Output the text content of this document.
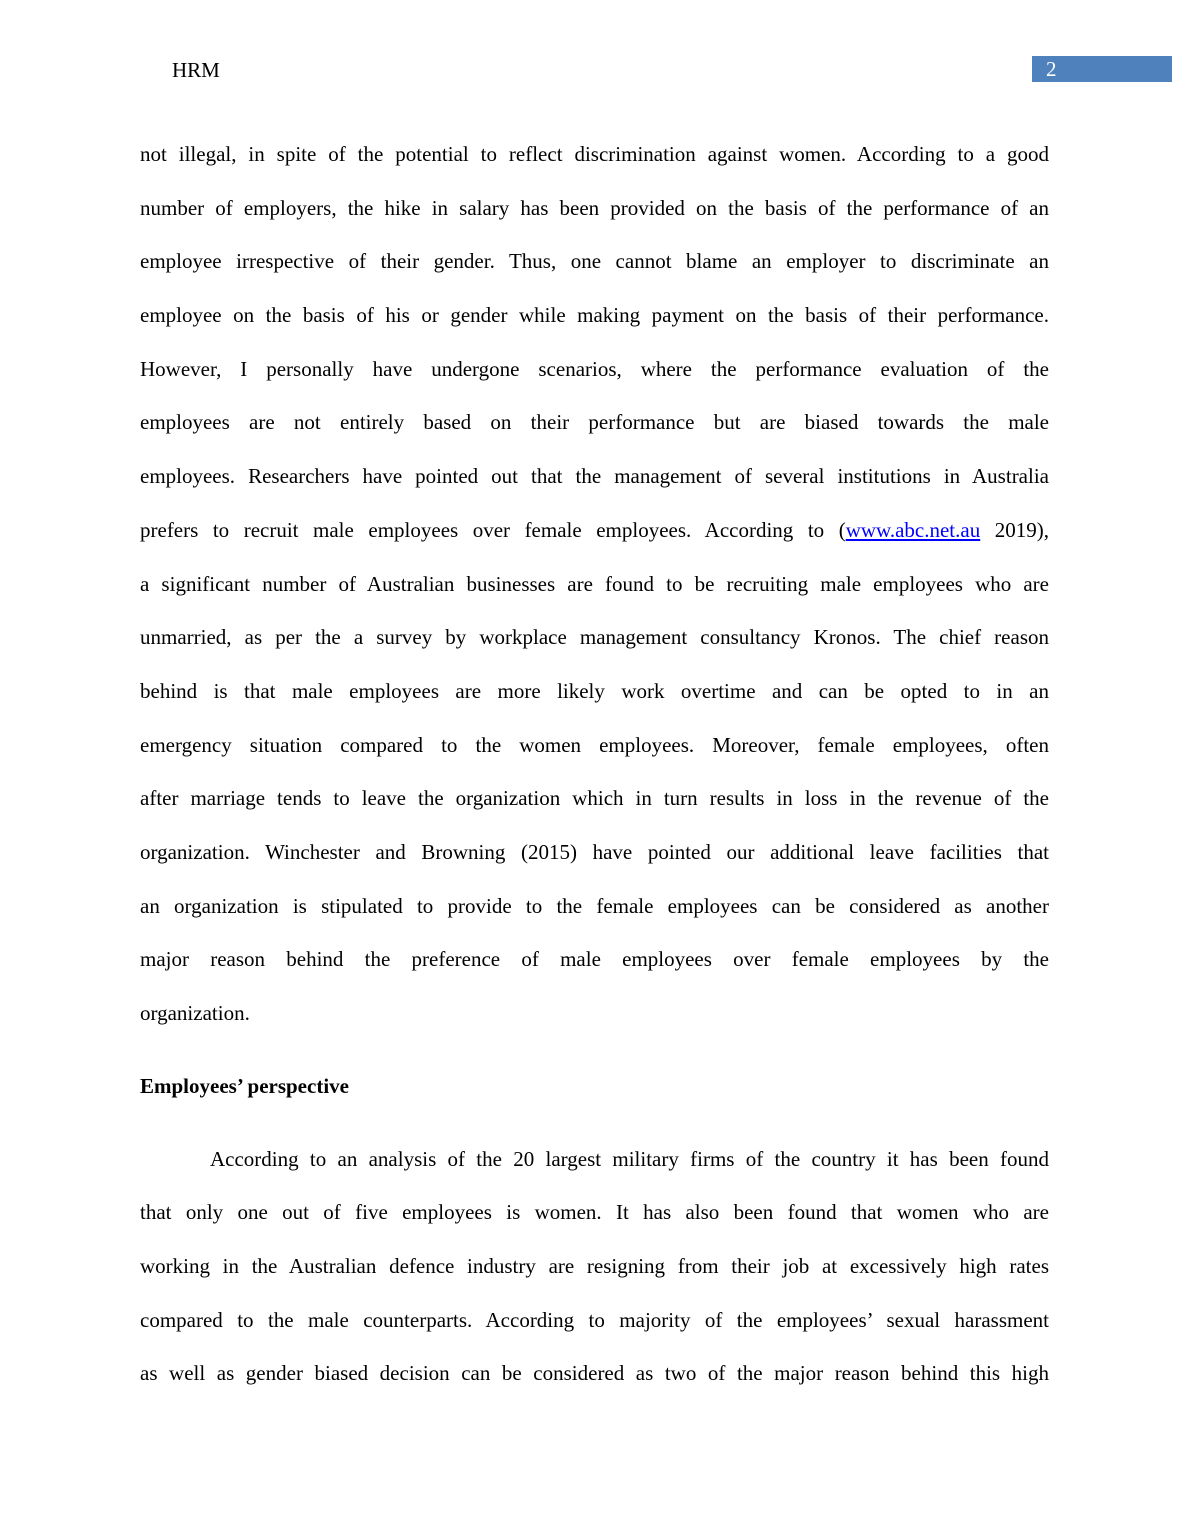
HRM	2
not illegal, in spite of the potential to reflect discrimination against women. According to a good
number of employers, the hike in salary has been provided on the basis of the performance of an
employee irrespective of their gender. Thus, one cannot blame an employer to discriminate an
employee on the basis of his or gender while making payment on the basis of their performance.
However, I personally have undergone scenarios, where the performance evaluation of the
employees are not entirely based on their performance but are biased towards the male
employees. Researchers have pointed out that the management of several institutions in Australia
prefers to recruit male employees over female employees. According to (www.abc.net.au 2019),
a significant number of Australian businesses are found to be recruiting male employees who are
unmarried, as per the a survey by workplace management consultancy Kronos. The chief reason
behind is that male employees are more likely work overtime and can be opted to in an
emergency situation compared to the women employees. Moreover, female employees, often
after marriage tends to leave the organization which in turn results in loss in the revenue of the
organization. Winchester and Browning (2015) have pointed our additional leave facilities that
an organization is stipulated to provide to the female employees can be considered as another
major reason behind the preference of male employees over female employees by the
organization.
Employees’ perspective
According to an analysis of the 20 largest military firms of the country it has been found
that only one out of five employees is women. It has also been found that women who are
working in the Australian defence industry are resigning from their job at excessively high rates
compared to the male counterparts. According to majority of the employees’ sexual harassment
as well as gender biased decision can be considered as two of the major reason behind this high
